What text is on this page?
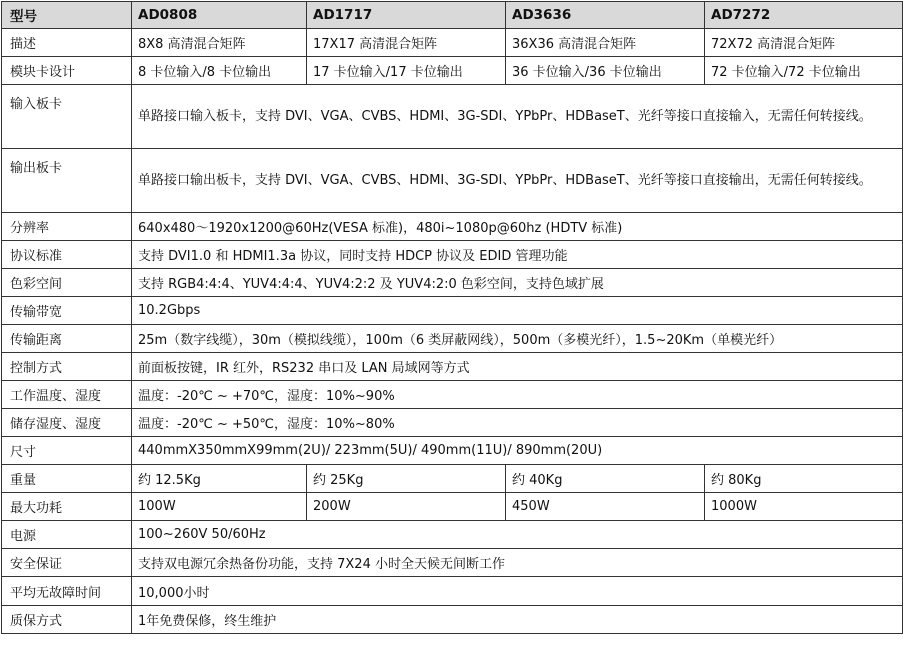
型号	AD0808	AD1717	AD3636	AD7272
描述	8X8 高清混合矩阵	17X17 高清混合矩阵	36X36 高清混合矩阵	72X72 高清混合矩阵
模块卡设计	8 卡位输入/8 卡位输出	17 卡位输入/17 卡位输出	36 卡位输入/36 卡位输出	72 卡位输入/72 卡位输出
输入板卡	单路接口输入板卡，支持 DVI、VGA、CVBS、HDMI、3G-SDI、YPbPr、HDBaseT、光纤等接口直接输入，无需任何转接线。			
输出板卡	单路接口输出板卡，支持 DVI、VGA、CVBS、HDMI、3G-SDI、YPbPr、HDBaseT、光纤等接口直接输出，无需任何转接线。			
分辨率	640x480～1920x1200@60Hz(VESA 标准)，480i~1080p@60hz (HDTV 标准)			
协议标准	支持 DVI1.0 和 HDMI1.3a 协议，同时支持 HDCP 协议及 EDID 管理功能			
色彩空间	支持 RGB4:4:4、YUV4:4:4、YUV4:2:2 及 YUV4:2:0 色彩空间，支持色域扩展			
传输带宽	10.2Gbps			
传输距离	25m（数字线缆），30m（模拟线缆），100m（6 类屏蔽网线），500m（多模光纤），1.5~20Km（单模光纤）			
控制方式	前面板按键，IR 红外，RS232 串口及 LAN 局域网等方式			
工作温度、湿度	温度：-20℃ ~ +70℃，湿度：10%~90%			
储存湿度、湿度	温度：-20℃ ~ +50℃，湿度：10%~80%			
尺寸	440mmX350mmX99mm(2U)/ 223mm(5U)/ 490mm(11U)/ 890mm(20U)			
重量	约 12.5Kg	约 25Kg	约 40Kg	约 80Kg
最大功耗	100W	200W	450W	1000W
电源	100~260V 50/60Hz			
安全保证	支持双电源冗余热备份功能，支持 7X24 小时全天候无间断工作			
平均无故障时间	10,000小时			
质保方式	1年免费保修，终生维护			
